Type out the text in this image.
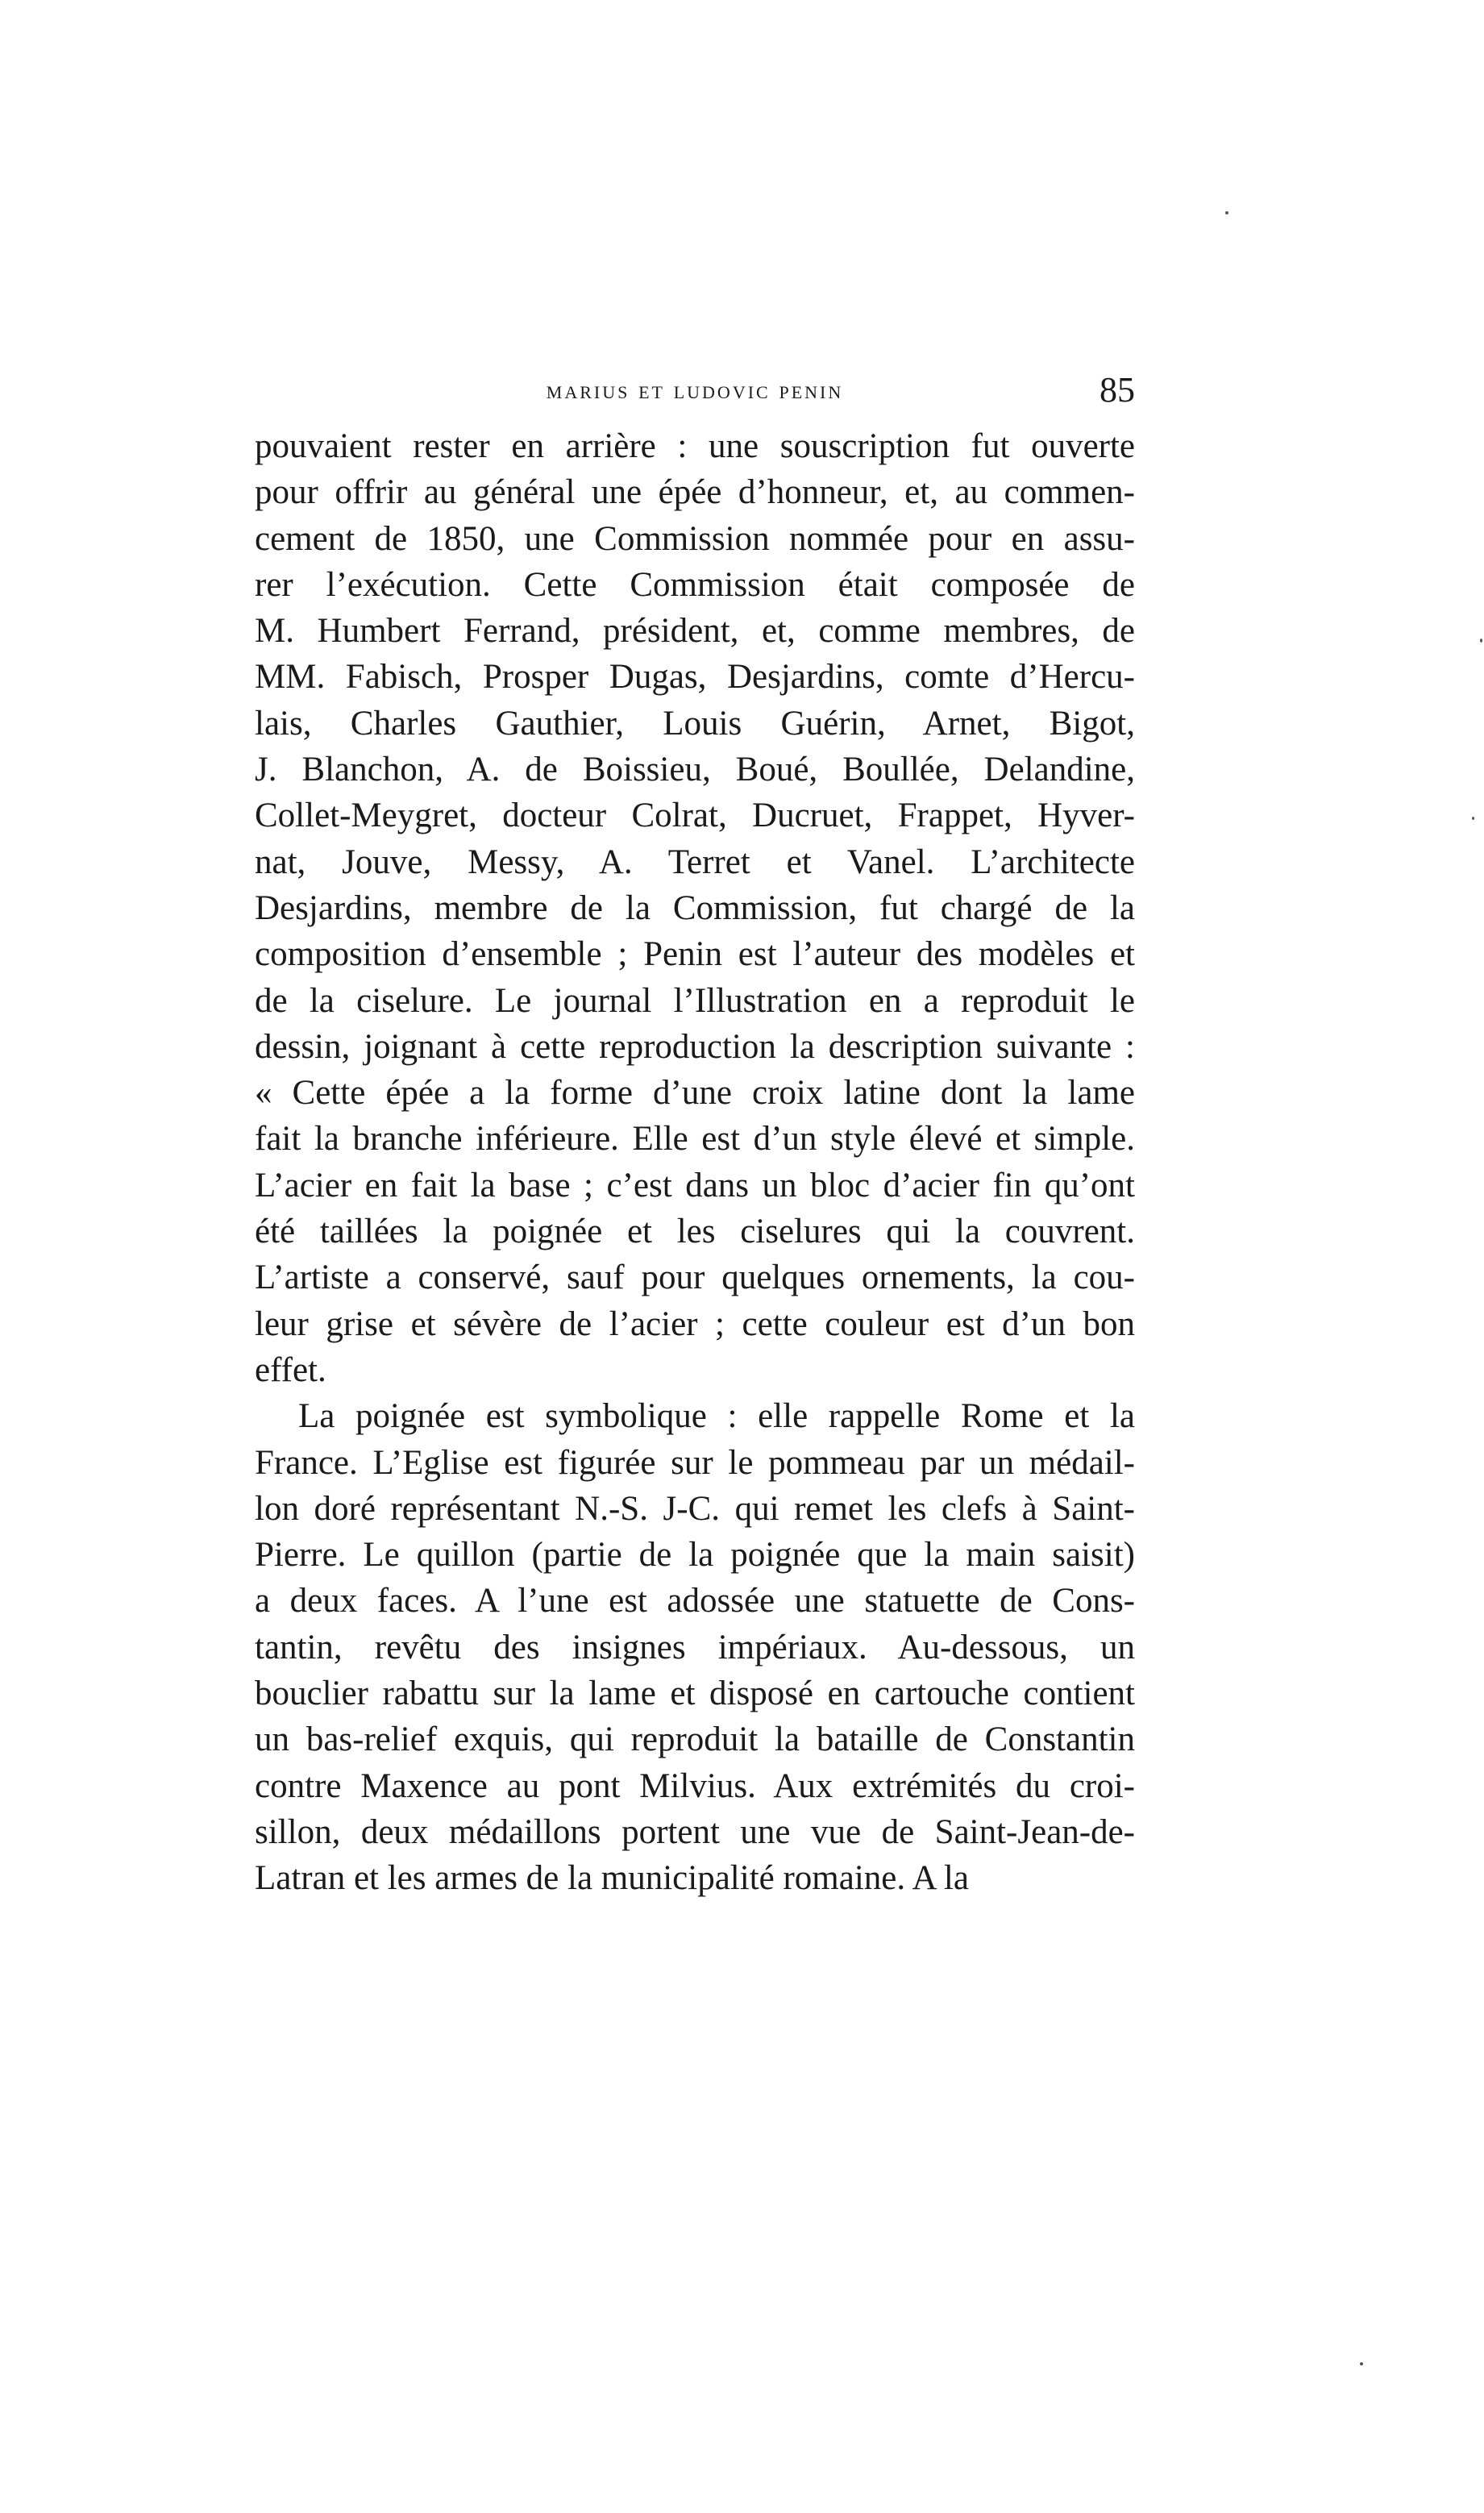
marius et ludovic penin	85
pouvaient rester en arrière : une souscription fut ouverte
pour offrir au général une épée d’honneur, et, au commen-
cement de 1850, une Commission nommée pour en assu-
rer l’exécution. Cette Commission était composée de
M. Humbert Ferrand, président, et, comme membres, de
MM. Fabisch, Prosper Dugas, Desjardins, comte d’Hercu-
lais, Charles Gauthier, Louis Guérin, Arnet, Bigot,
J. Blanchon, A. de Boissieu, Boué, Boullée, Delandine,
Collet-Meygret, docteur Colrat, Ducruet, Frappet, Hyver-
nat, Jouve, Messy, A. Terret et Vanel. L’architecte
Desjardins, membre de la Commission, fut chargé de la
composition d’ensemble ; Penin est l’auteur des modèles et
de la ciselure. Le journal l’Illustration en a reproduit le
dessin, joignant à cette reproduction la description suivante :
« Cette épée a la forme d’une croix latine dont la lame
fait la branche inférieure. Elle est d’un style élevé et simple.
L’acier en fait la base ; c’est dans un bloc d’acier fin qu’ont
été taillées la poignée et les ciselures qui la couvrent.
L’artiste a conservé, sauf pour quelques ornements, la cou-
leur grise et sévère de l’acier ; cette couleur est d’un bon
effet.
La poignée est symbolique : elle rappelle Rome et la
France. L’Eglise est figurée sur le pommeau par un médail-
lon doré représentant N.-S. J-C. qui remet les clefs à Saint-
Pierre. Le quillon (partie de la poignée que la main saisit)
a deux faces. A l’une est adossée une statuette de Cons-
tantin, revêtu des insignes impériaux. Au-dessous, un
bouclier rabattu sur la lame et disposé en cartouche contient
un bas-relief exquis, qui reproduit la bataille de Constantin
contre Maxence au pont Milvius. Aux extrémités du croi-
sillon, deux médaillons portent une vue de Saint-Jean-de-
Latran et les armes de la municipalité romaine. A la
